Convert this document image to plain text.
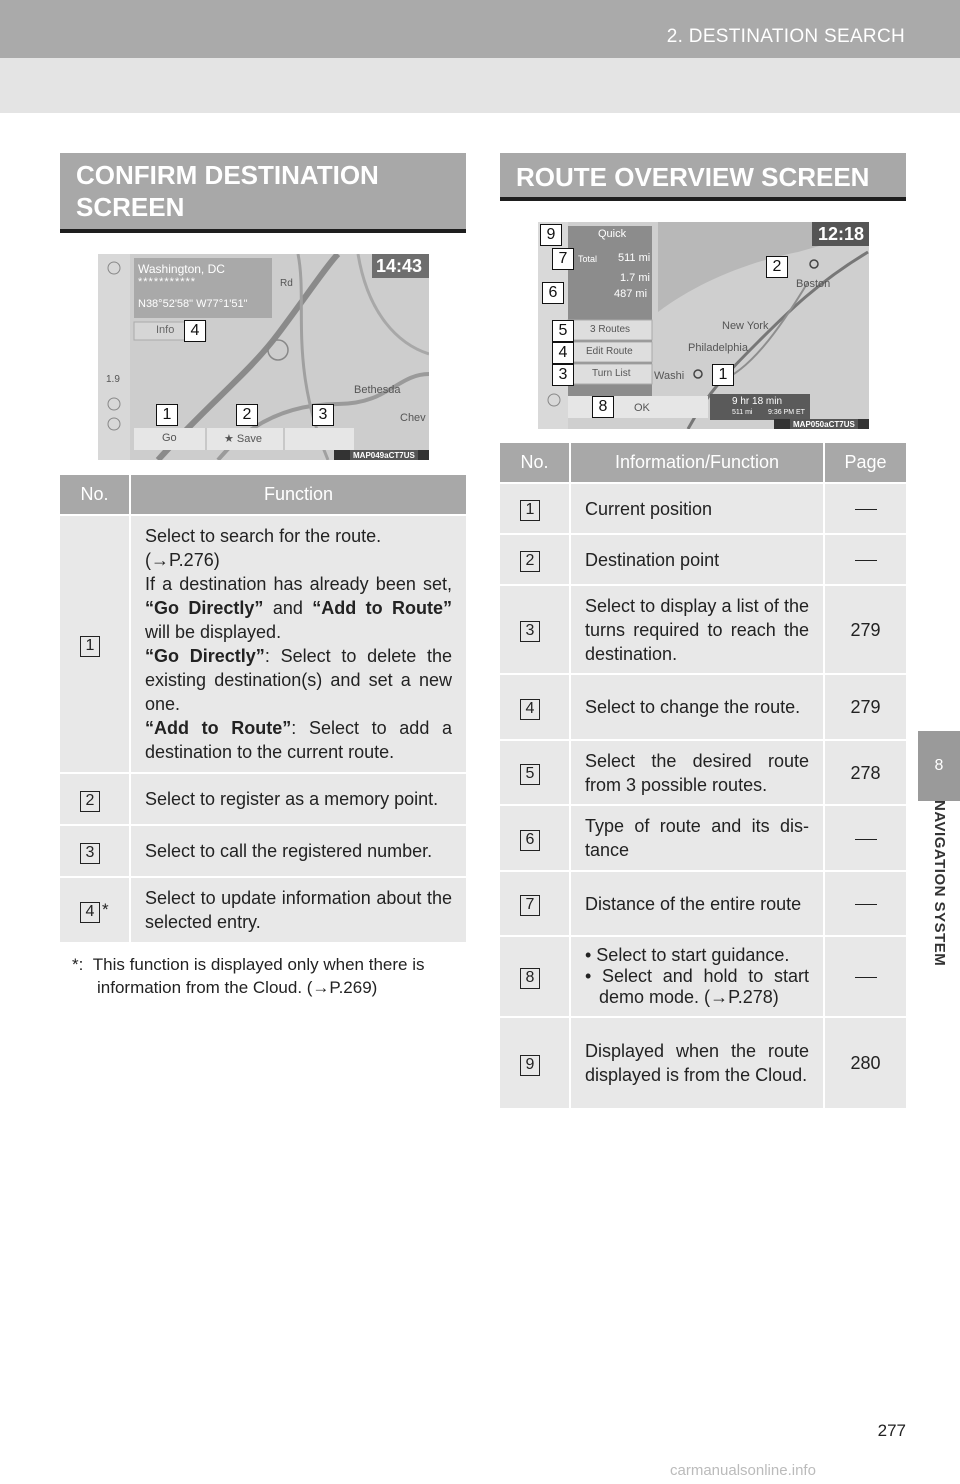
2. DESTINATION SEARCH
8
NAVIGATION SYSTEM
CONFIRM DESTINATION SCREEN
Washington, DC
***********
N38°52'58" W77°1'51"
14:43
Info
1.9
Rd
Bethesda
Chev
Go	★ Save
MAP049aCT7US
1	2	3
4
No.	Function
1	Select to search for the route.
(→P.276)
If a destination has already been set, “Go Directly” and “Add to Route” will be displayed.
“Go Directly”: Select to delete the existing destination(s) and set a new one.
“Add to Route”: Select to add a destination to the current route.
2	Select to register as a memory point.
3	Select to call the registered number.
4 *	Select to update information about the selected entry.
*: This function is displayed only when there is information from the Cloud. (→P.269)
ROUTE OVERVIEW SCREEN
Quick	12:18
Total 511 mi
1.7 mi
487 mi
3 Routes
Edit Route
Turn List
OK
New York
Philadelphia
Boston
Washi
9 hr 18 min
511 mi 9:36 PM ET
MAP050aCT7US
1
2
3
4
5
6
7
8
9
No.	Information/Function	Page
1	Current position	
2	Destination point	
3	Select to display a list of the turns required to reach the destination.	279
4	Select to change the route.	279
5	Select the desired route from 3 possible routes.	278
6	Type of route and its dis-tance	
7	Distance of the entire route	
8	• Select to start guidance.
• Select and hold to start demo mode. (→P.278)	

9	Displayed when the route displayed is from the Cloud.	280
277
carmanualsonline.info
